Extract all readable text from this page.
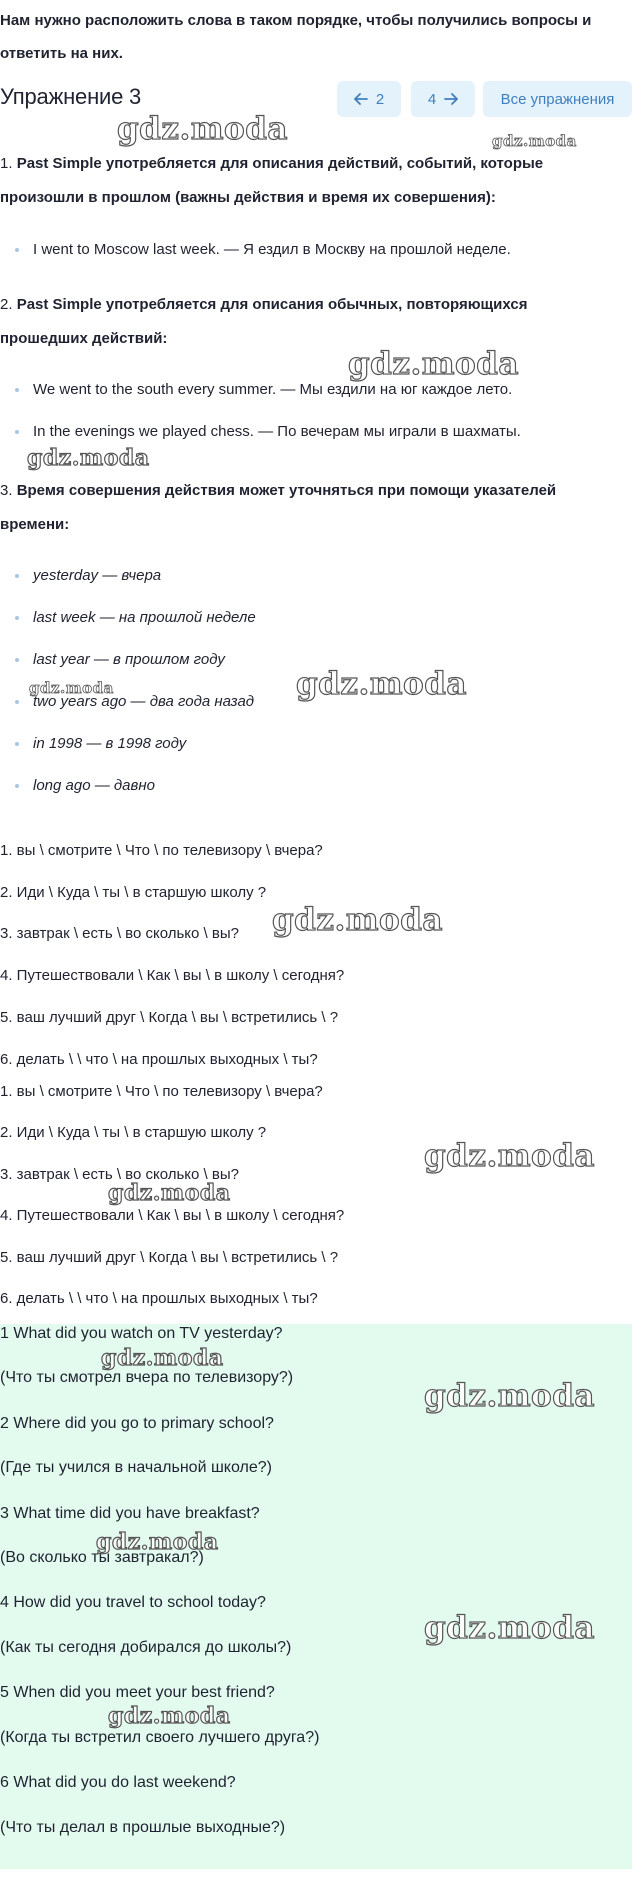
Нам нужно расположить слова в таком порядке, чтобы получились вопросы и ответить на них.
Упражнение 3	2	4	Все упражнения
1. Past Simple употребляется для описания действий, событий, которые произошли в прошлом (важны действия и время их совершения):
I went to Moscow last week. — Я ездил в Москву на прошлой неделе.
2. Past Simple употребляется для описания обычных, повторяющихся прошедших действий:
We went to the south every summer. — Мы ездили на юг каждое лето.
In the evenings we played chess. — По вечерам мы играли в шахматы.
3. Время совершения действия может уточняться при помощи указателей времени:
yesterday — вчера
last week — на прошлой неделе
last year — в прошлом году
two years ago — два года назад
in 1998 — в 1998 году
long ago — давно
1. вы \ смотрите \ Что \ по телевизору \ вчера?
2. Иди \ Куда \ ты \ в старшую школу ?
3. завтрак \ есть \ во сколько \ вы?
4. Путешествовали \ Как \ вы \ в школу \ сегодня?
5. ваш лучший друг \ Когда \ вы \ встретились \ ?
6. делать \ \ что \ на прошлых выходных \ ты?
1. вы \ смотрите \ Что \ по телевизору \ вчера?
2. Иди \ Куда \ ты \ в старшую школу ?
3. завтрак \ есть \ во сколько \ вы?
4. Путешествовали \ Как \ вы \ в школу \ сегодня?
5. ваш лучший друг \ Когда \ вы \ встретились \ ?
6. делать \ \ что \ на прошлых выходных \ ты?
1 What did you watch on TV yesterday?
(Что ты смотрел вчера по телевизору?)
2 Where did you go to primary school?
(Где ты учился в начальной школе?)
3 What time did you have breakfast?
(Во сколько ты завтракал?)
4 How did you travel to school today?
(Как ты сегодня добирался до школы?)
5 When did you meet your best friend?
(Когда ты встретил своего лучшего друга?)
6 What did you do last weekend?
(Что ты делал в прошлые выходные?)
gdz.moda	gdz.moda
gdz.moda
gdz.moda
gdz.moda	gdz.moda
gdz.moda
gdz.moda
gdz.moda
gdz.moda
gdz.moda
gdz.moda
gdz.moda
gdz.moda
